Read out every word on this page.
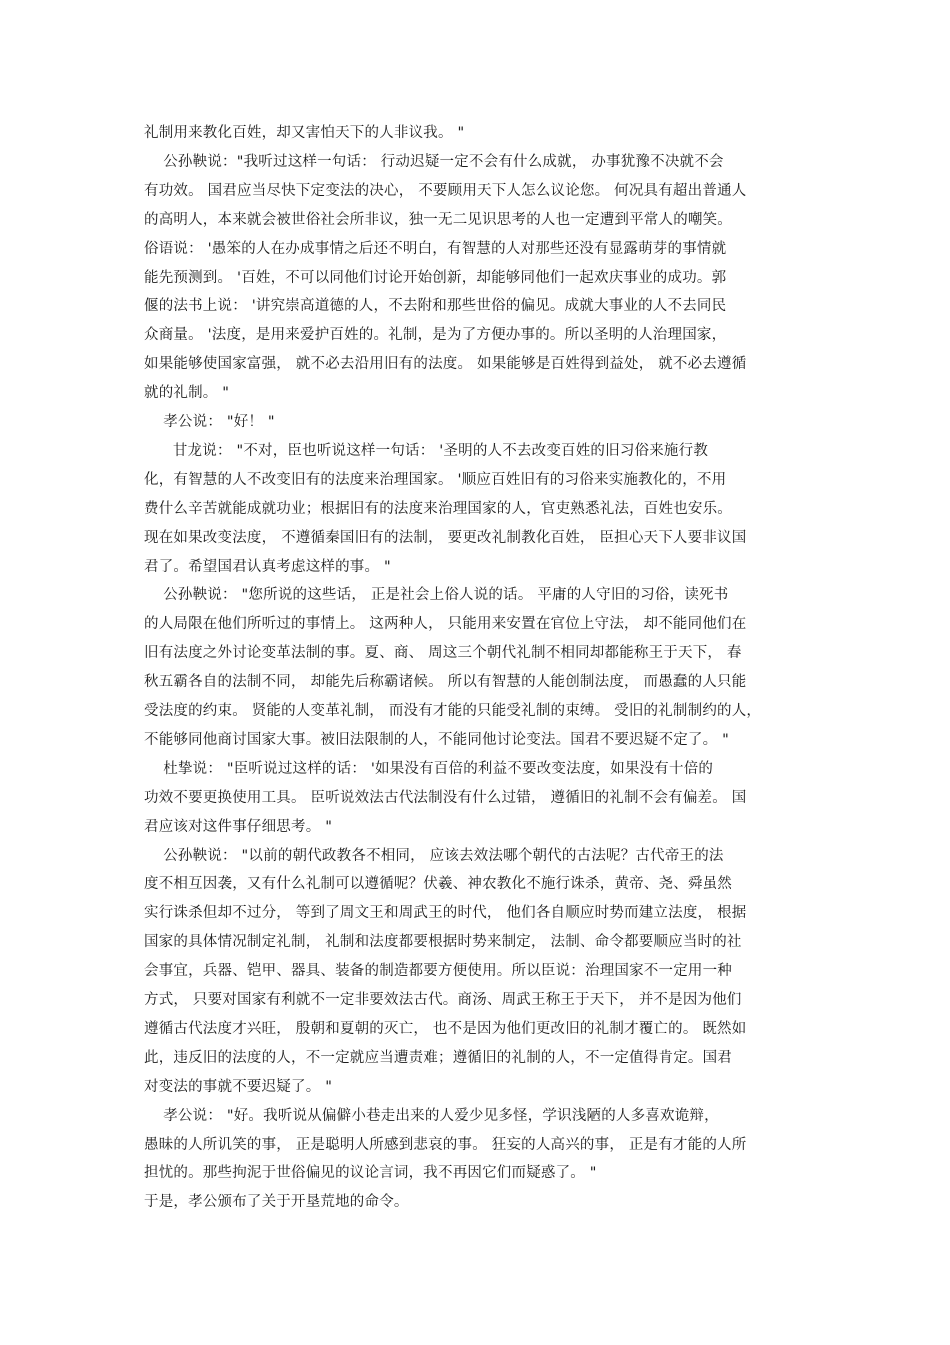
礼制用来教化百姓，却又害怕天下的人非议我。 "
公孙鞅说："我听过这样一句话： 行动迟疑一定不会有什么成就， 办事犹豫不决就不会
有功效。 国君应当尽快下定变法的决心， 不要顾用天下人怎么议论您。 何况具有超出普通人
的高明人，本来就会被世俗社会所非议，独一无二见识思考的人也一定遭到平常人的嘲笑。
俗语说： '愚笨的人在办成事情之后还不明白，有智慧的人对那些还没有显露萌芽的事情就
能先预测到。 '百姓，不可以同他们讨论开始创新，却能够同他们一起欢庆事业的成功。郭
偃的法书上说： '讲究崇高道德的人，不去附和那些世俗的偏见。成就大事业的人不去同民
众商量。 '法度，是用来爱护百姓的。礼制，是为了方便办事的。所以圣明的人治理国家，
如果能够使国家富强， 就不必去沿用旧有的法度。 如果能够是百姓得到益处， 就不必去遵循
就的礼制。 "
孝公说： "好！ "
甘龙说： "不对，臣也听说这样一句话： '圣明的人不去改变百姓的旧习俗来施行教
化，有智慧的人不改变旧有的法度来治理国家。 '顺应百姓旧有的习俗来实施教化的，不用
费什么辛苦就能成就功业；根据旧有的法度来治理国家的人，官吏熟悉礼法，百姓也安乐。
现在如果改变法度， 不遵循秦国旧有的法制， 要更改礼制教化百姓， 臣担心天下人要非议国
君了。希望国君认真考虑这样的事。 "
公孙鞅说： "您所说的这些话， 正是社会上俗人说的话。 平庸的人守旧的习俗，读死书
的人局限在他们所听过的事情上。 这两种人， 只能用来安置在官位上守法， 却不能同他们在
旧有法度之外讨论变革法制的事。夏、商、 周这三个朝代礼制不相同却都能称王于天下， 春
秋五霸各自的法制不同， 却能先后称霸诸候。 所以有智慧的人能创制法度， 而愚蠢的人只能
受法度的约束。 贤能的人变革礼制， 而没有才能的只能受礼制的束缚。 受旧的礼制制约的人，
不能够同他商讨国家大事。被旧法限制的人，不能同他讨论变法。国君不要迟疑不定了。 "
杜挚说： "臣听说过这样的话： '如果没有百倍的利益不要改变法度，如果没有十倍的
功效不要更换使用工具。 臣听说效法古代法制没有什么过错， 遵循旧的礼制不会有偏差。 国
君应该对这件事仔细思考。 "
公孙鞅说： "以前的朝代政教各不相同， 应该去效法哪个朝代的古法呢？古代帝王的法
度不相互因袭，又有什么礼制可以遵循呢？伏羲、神农教化不施行诛杀，黄帝、尧、舜虽然
实行诛杀但却不过分， 等到了周文王和周武王的时代， 他们各自顺应时势而建立法度， 根据
国家的具体情况制定礼制， 礼制和法度都要根据时势来制定， 法制、命令都要顺应当时的社
会事宜，兵器、铠甲、器具、装备的制造都要方便使用。所以臣说：治理国家不一定用一种
方式， 只要对国家有利就不一定非要效法古代。商汤、周武王称王于天下， 并不是因为他们
遵循古代法度才兴旺， 殷朝和夏朝的灭亡， 也不是因为他们更改旧的礼制才覆亡的。 既然如
此，违反旧的法度的人，不一定就应当遭责难；遵循旧的礼制的人，不一定值得肯定。国君
对变法的事就不要迟疑了。 "
孝公说： "好。我听说从偏僻小巷走出来的人爱少见多怪，学识浅陋的人多喜欢诡辩，
愚昧的人所讥笑的事， 正是聪明人所感到悲哀的事。 狂妄的人高兴的事， 正是有才能的人所
担忧的。那些拘泥于世俗偏见的议论言词，我不再因它们而疑惑了。 "
于是，孝公颁布了关于开垦荒地的命令。
